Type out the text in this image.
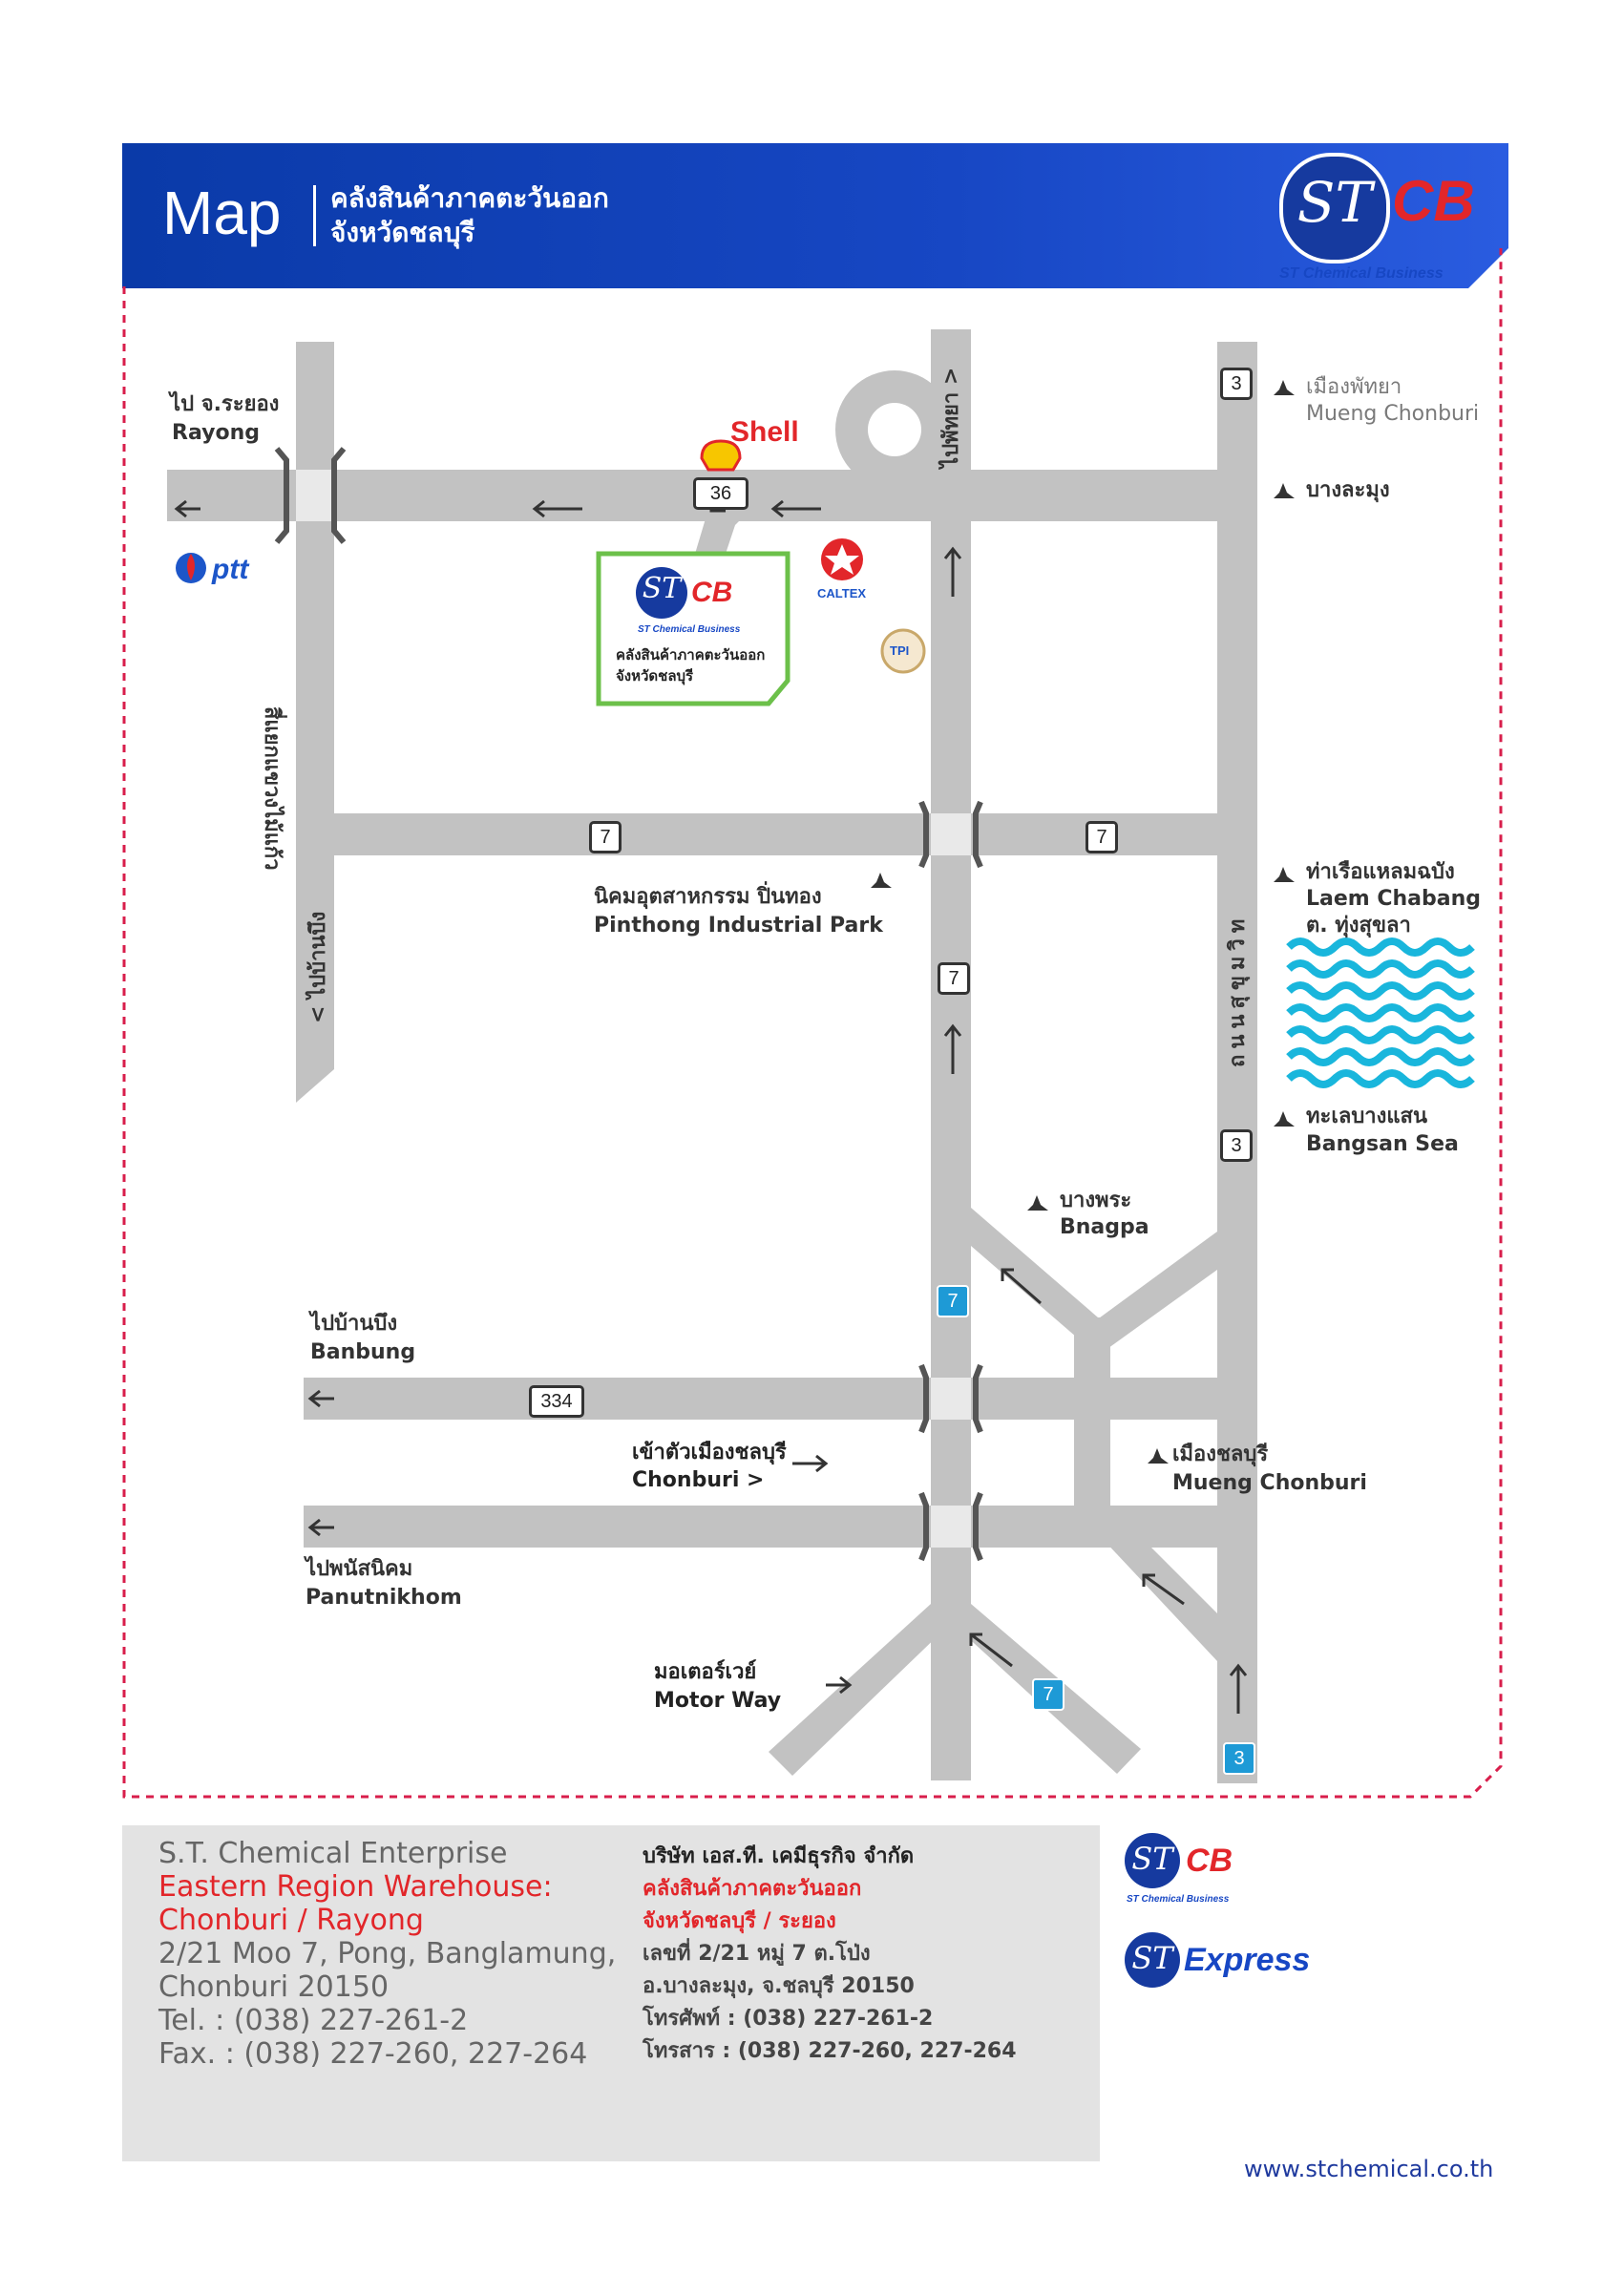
Map คลังสินค้าภาคตะวันออก
จังหวัดชลบุรี	ST CB
ST Chemical Business
ไป จ.ระยอง
Rayong
ptt
Shell
CALTEX
TPI
สี่แยกแขวงไม้แก้ว
ไปพัทยา >
< ไปบ้านบึง	ถนนสุขุมวิท
เมืองพัทยา
Mueng Chonburi
บางละมุง
นิคมอุตสาหกรรม ปิ่นทอง
Pinthong Industrial Park
ท่าเรือแหลมฉบัง
Laem Chabang
ต. ทุ่งสุขลา
ทะเลบางแสน
Bangsan Sea
บางพระ
Bnagpa
ไปบ้านบึง
Banbung
เข้าตัวเมืองชลบุรี
Chonburi >
เมืองชลบุรี
Mueng Chonburi
ไปพนัสนิคม
Panutnikhom
มอเตอร์เวย์
Motor Way
3
36
7	7
7
3
334
7
7
3
ST CB
ST Chemical Business
คลังสินค้าภาคตะวันออก
จังหวัดชลบุรี
S.T. Chemical Enterprise
Eastern Region Warehouse:
Chonburi / Rayong
2/21 Moo 7, Pong, Banglamung,
Chonburi 20150
Tel. : (038) 227-261-2
Fax. : (038) 227-260, 227-264
บริษัท เอส.ที. เคมีธุรกิจ จำกัด
คลังสินค้าภาคตะวันออก
จังหวัดชลบุรี / ระยอง
เลขที่ 2/21 หมู่ 7 ต.โป่ง
อ.บางละมุง, จ.ชลบุรี 20150
โทรศัพท์ : (038) 227-261-2
โทรสาร : (038) 227-260, 227-264
ST CB
ST Chemical Business
ST Express
www.stchemical.co.th
